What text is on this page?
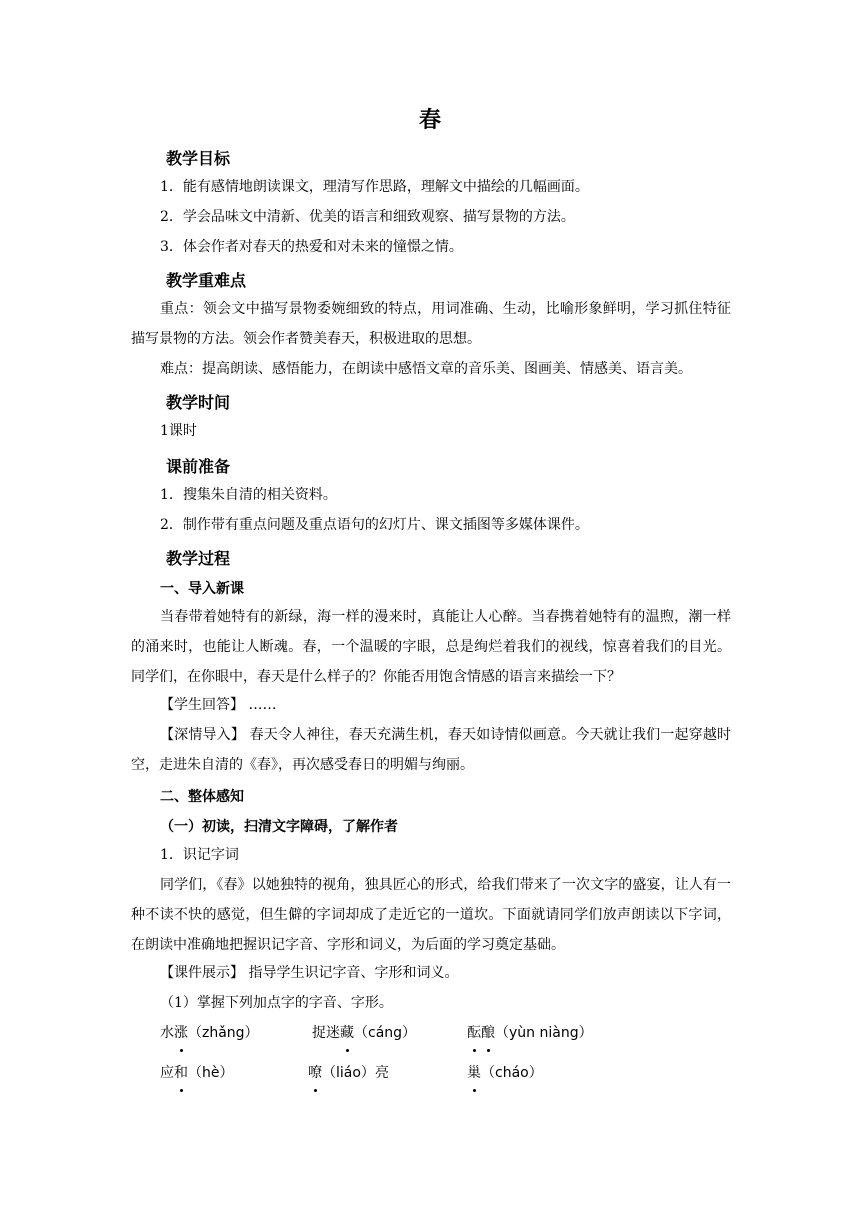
春
教学目标
1．能有感情地朗读课文，理清写作思路，理解文中描绘的几幅画面。
2．学会品味文中清新、优美的语言和细致观察、描写景物的方法。
3．体会作者对春天的热爱和对未来的憧憬之情。
教学重难点
重点：领会文中描写景物委婉细致的特点，用词准确、生动，比喻形象鲜明，学习抓住特征描写景物的方法。领会作者赞美春天，积极进取的思想。
难点：提高朗读、感悟能力，在朗读中感悟文章的音乐美、图画美、情感美、语言美。
教学时间
1课时
课前准备
1．搜集朱自清的相关资料。
2．制作带有重点问题及重点语句的幻灯片、课文插图等多媒体课件。
教学过程
一、导入新课
当春带着她特有的新绿，海一样的漫来时，真能让人心醉。当春携着她特有的温煦，潮一样的涌来时，也能让人断魂。春，一个温暖的字眼，总是绚烂着我们的视线，惊喜着我们的目光。同学们，在你眼中，春天是什么样子的？你能否用饱含情感的语言来描绘一下？
【学生回答】 ……
【深情导入】 春天令人神往，春天充满生机，春天如诗情似画意。今天就让我们一起穿越时空，走进朱自清的《春》，再次感受春日的明媚与绚丽。
二、整体感知
（一）初读，扫清文字障碍，了解作者
1．识记字词
同学们，《春》以她独特的视角，独具匠心的形式，给我们带来了一次文字的盛宴，让人有一种不读不快的感觉，但生僻的字词却成了走近它的一道坎。下面就请同学们放声朗读以下字词，在朗读中准确地把握识记字音、字形和词义，为后面的学习奠定基础。
【课件展示】 指导学生识记字音、字形和词义。
（1）掌握下列加点字的字音、字形。
水涨（zhǎng）	捉迷藏（cáng）	酝酿（yùn niàng）
应和（hè）	嘹（liáo）亮	巢（cháo）
